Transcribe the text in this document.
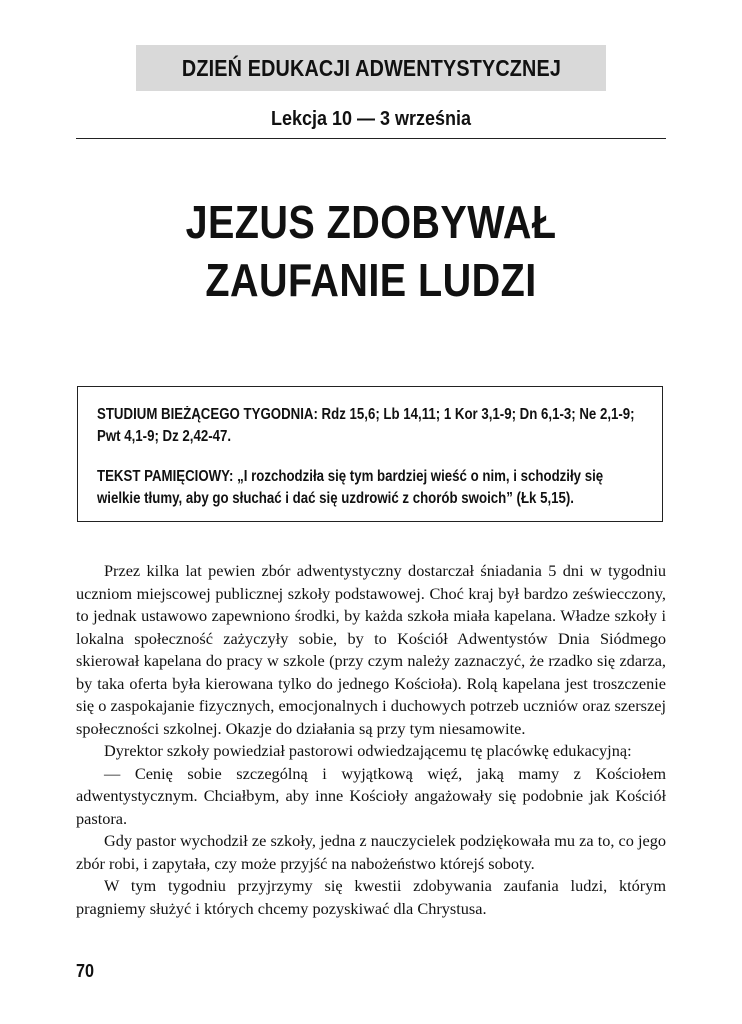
DZIEŃ EDUKACJI ADWENTYSTYCZNEJ
Lekcja 10 — 3 września
JEZUS ZDOBYWAŁ
ZAUFANIE LUDZI

STUDIUM BIEŻĄCEGO TYGODNIA: Rdz 15,6; Lb 14,11; 1 Kor 3,1-9; Dn 6,1-3; Ne 2,1-9; Pwt 4,1-9; Dz 2,42-47.

TEKST PAMIĘCIOWY: „I rozchodziła się tym bardziej wieść o nim, i schodziły się wielkie tłumy, aby go słuchać i dać się uzdrowić z chorób swoich” (Łk 5,15).

Przez kilka lat pewien zbór adwentystyczny dostarczał śniadania 5 dni w tygodniu uczniom miejscowej publicznej szkoły podstawowej. Choć kraj był bardzo zeświecczony, to jednak ustawowo zapewniono środki, by każda szkoła miała kapelana. Władze szkoły i lokalna społeczność zażyczyły sobie, by to Kościół Adwentystów Dnia Siódmego skierował kapelana do pracy w szkole (przy czym należy zaznaczyć, że rzadko się zdarza, by taka oferta była kierowana tylko do jednego Kościoła). Rolą kapelana jest troszczenie się o zaspokajanie fizycznych, emocjonalnych i duchowych potrzeb uczniów oraz szerszej społeczności szkolnej. Okazje do działania są przy tym niesamowite.

Dyrektor szkoły powiedział pastorowi odwiedzającemu tę placówkę edukacyjną:

— Cenię sobie szczególną i wyjątkową więź, jaką mamy z Kościołem adwentystycznym. Chciałbym, aby inne Kościoły angażowały się podobnie jak Kościół pastora.

Gdy pastor wychodził ze szkoły, jedna z nauczycielek podziękowała mu za to, co jego zbór robi, i zapytała, czy może przyjść na nabożeństwo którejś soboty.

W tym tygodniu przyjrzymy się kwestii zdobywania zaufania ludzi, którym pragniemy służyć i których chcemy pozyskiwać dla Chrystusa.

70
